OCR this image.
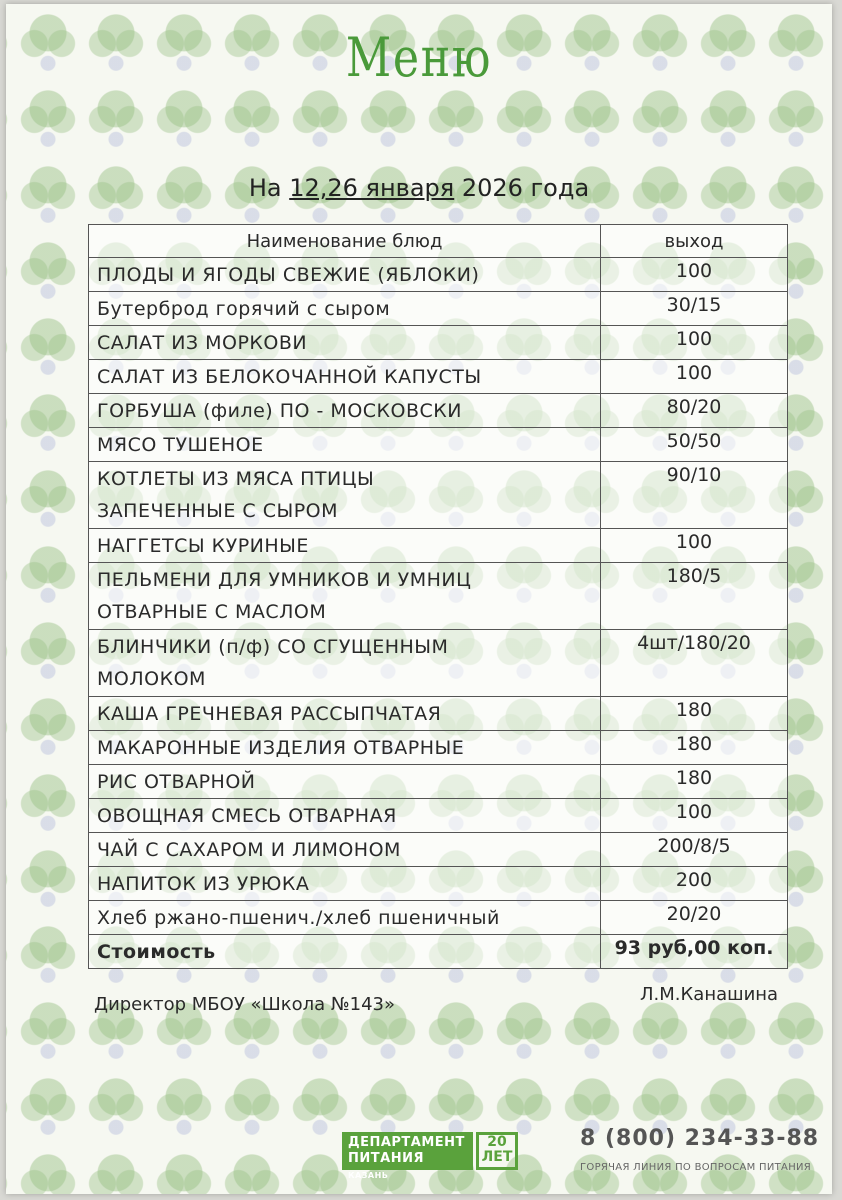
Меню
На 12,26 января 2026 года
Наименование блюд	выход
ПЛОДЫ И ЯГОДЫ СВЕЖИЕ (ЯБЛОКИ)	100
Бутерброд горячий с сыром	30/15
САЛАТ ИЗ МОРКОВИ	100
САЛАТ ИЗ БЕЛОКОЧАННОЙ КАПУСТЫ	100
ГОРБУША (филе) ПО - МОСКОВСКИ	80/20
МЯСО ТУШЕНОЕ	50/50
КОТЛЕТЫ ИЗ МЯСА ПТИЦЫ
ЗАПЕЧЕННЫЕ С СЫРОМ	90/10
НАГГЕТСЫ КУРИНЫЕ	100
ПЕЛЬМЕНИ ДЛЯ УМНИКОВ И УМНИЦ
ОТВАРНЫЕ С МАСЛОМ	180/5
БЛИНЧИКИ (п/ф) СО СГУЩЕННЫМ
МОЛОКОМ	4шт/180/20
КАША ГРЕЧНЕВАЯ РАССЫПЧАТАЯ	180
МАКАРОННЫЕ ИЗДЕЛИЯ ОТВАРНЫЕ	180
РИС ОТВАРНОЙ	180
ОВОЩНАЯ СМЕСЬ ОТВАРНАЯ	100
ЧАЙ С САХАРОМ И ЛИМОНОМ	200/8/5
НАПИТОК ИЗ УРЮКА	200
Хлеб ржано-пшенич./хлеб пшеничный	20/20
Стоимость	93 руб,00 коп.
Директор МБОУ «Школа №143»	Л.М.Канашина
ДЕПАРТАМЕНТ
ПИТАНИЯ КАЗАНЬ
20
ЛЕТ
8 (800) 234-33-88
ГОРЯЧАЯ ЛИНИЯ ПО ВОПРОСАМ ПИТАНИЯ
